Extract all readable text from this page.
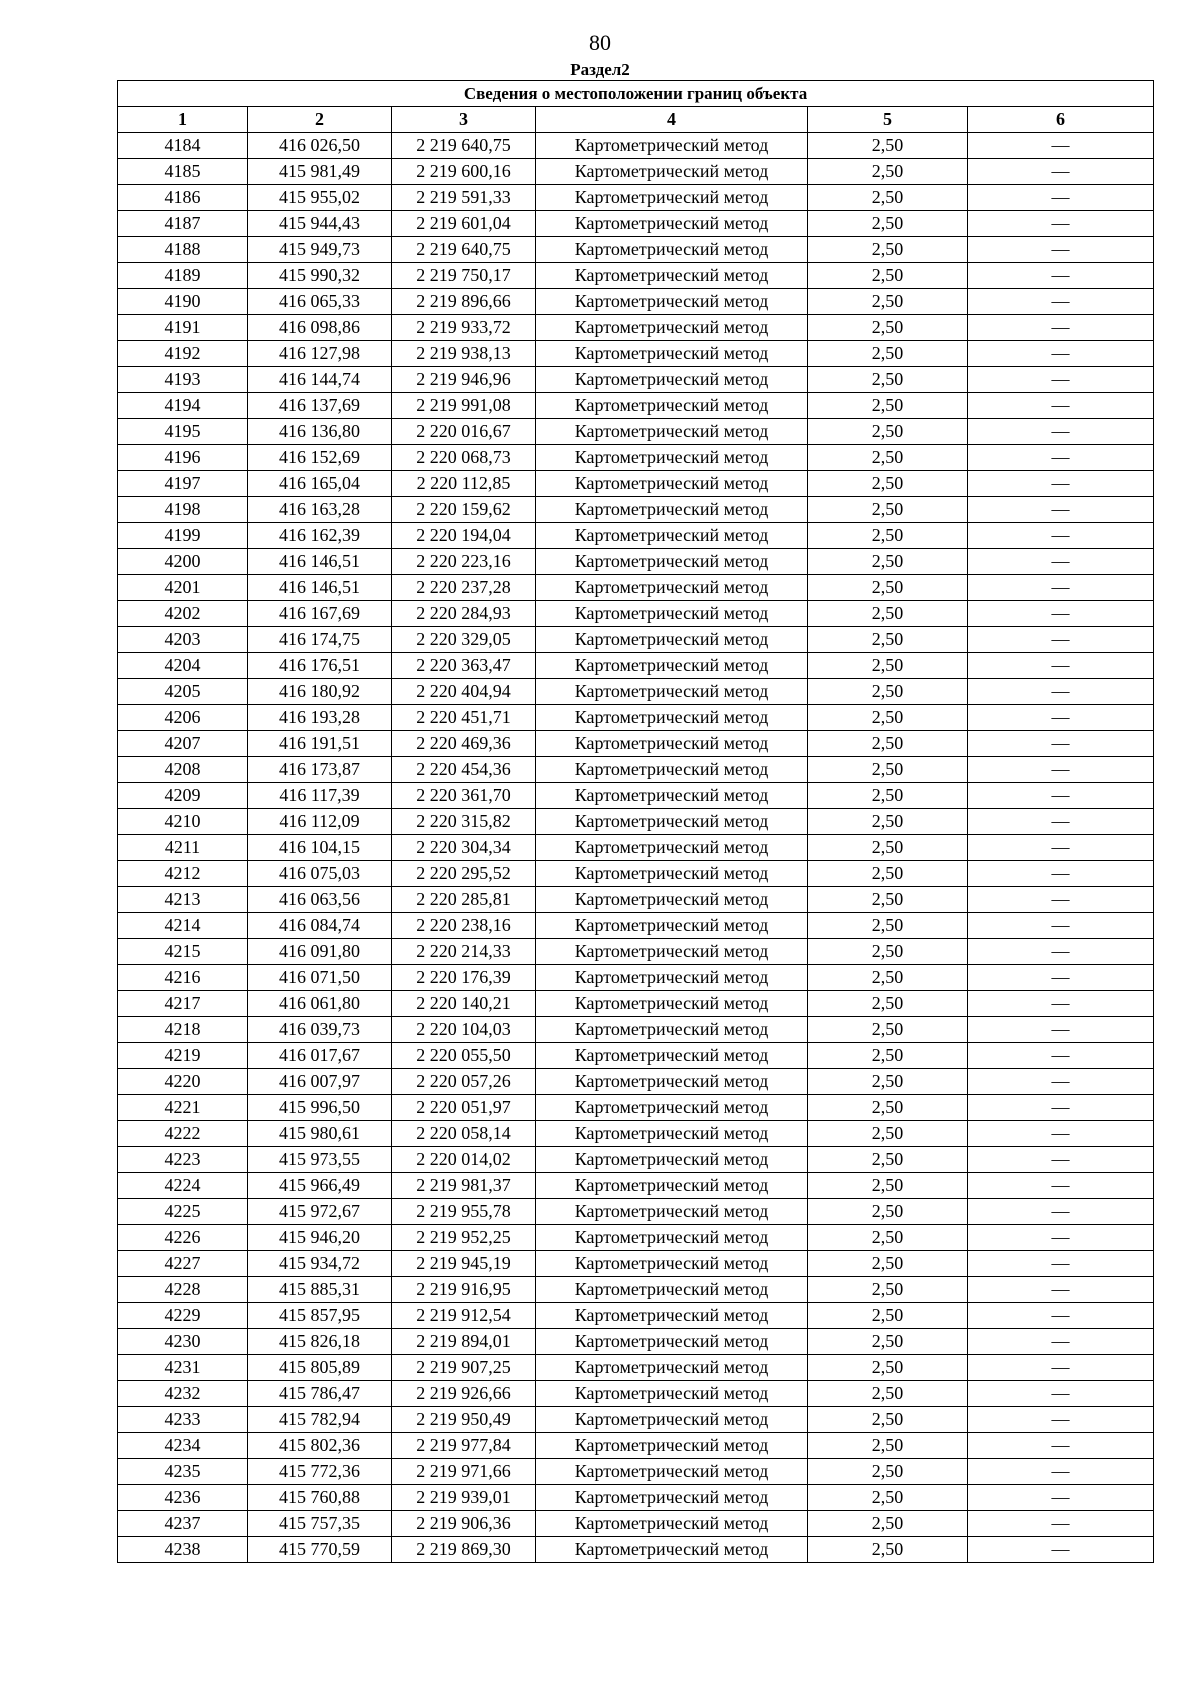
80
Раздел2
Сведения о местоположении границ объекта					
1	2	3	4	5	6
4184	416 026,50	2 219 640,75	Картометрический метод	2,50	—
4185	415 981,49	2 219 600,16	Картометрический метод	2,50	—
4186	415 955,02	2 219 591,33	Картометрический метод	2,50	—
4187	415 944,43	2 219 601,04	Картометрический метод	2,50	—
4188	415 949,73	2 219 640,75	Картометрический метод	2,50	—
4189	415 990,32	2 219 750,17	Картометрический метод	2,50	—
4190	416 065,33	2 219 896,66	Картометрический метод	2,50	—
4191	416 098,86	2 219 933,72	Картометрический метод	2,50	—
4192	416 127,98	2 219 938,13	Картометрический метод	2,50	—
4193	416 144,74	2 219 946,96	Картометрический метод	2,50	—
4194	416 137,69	2 219 991,08	Картометрический метод	2,50	—
4195	416 136,80	2 220 016,67	Картометрический метод	2,50	—
4196	416 152,69	2 220 068,73	Картометрический метод	2,50	—
4197	416 165,04	2 220 112,85	Картометрический метод	2,50	—
4198	416 163,28	2 220 159,62	Картометрический метод	2,50	—
4199	416 162,39	2 220 194,04	Картометрический метод	2,50	—
4200	416 146,51	2 220 223,16	Картометрический метод	2,50	—
4201	416 146,51	2 220 237,28	Картометрический метод	2,50	—
4202	416 167,69	2 220 284,93	Картометрический метод	2,50	—
4203	416 174,75	2 220 329,05	Картометрический метод	2,50	—
4204	416 176,51	2 220 363,47	Картометрический метод	2,50	—
4205	416 180,92	2 220 404,94	Картометрический метод	2,50	—
4206	416 193,28	2 220 451,71	Картометрический метод	2,50	—
4207	416 191,51	2 220 469,36	Картометрический метод	2,50	—
4208	416 173,87	2 220 454,36	Картометрический метод	2,50	—
4209	416 117,39	2 220 361,70	Картометрический метод	2,50	—
4210	416 112,09	2 220 315,82	Картометрический метод	2,50	—
4211	416 104,15	2 220 304,34	Картометрический метод	2,50	—
4212	416 075,03	2 220 295,52	Картометрический метод	2,50	—
4213	416 063,56	2 220 285,81	Картометрический метод	2,50	—
4214	416 084,74	2 220 238,16	Картометрический метод	2,50	—
4215	416 091,80	2 220 214,33	Картометрический метод	2,50	—
4216	416 071,50	2 220 176,39	Картометрический метод	2,50	—
4217	416 061,80	2 220 140,21	Картометрический метод	2,50	—
4218	416 039,73	2 220 104,03	Картометрический метод	2,50	—
4219	416 017,67	2 220 055,50	Картометрический метод	2,50	—
4220	416 007,97	2 220 057,26	Картометрический метод	2,50	—
4221	415 996,50	2 220 051,97	Картометрический метод	2,50	—
4222	415 980,61	2 220 058,14	Картометрический метод	2,50	—
4223	415 973,55	2 220 014,02	Картометрический метод	2,50	—
4224	415 966,49	2 219 981,37	Картометрический метод	2,50	—
4225	415 972,67	2 219 955,78	Картометрический метод	2,50	—
4226	415 946,20	2 219 952,25	Картометрический метод	2,50	—
4227	415 934,72	2 219 945,19	Картометрический метод	2,50	—
4228	415 885,31	2 219 916,95	Картометрический метод	2,50	—
4229	415 857,95	2 219 912,54	Картометрический метод	2,50	—
4230	415 826,18	2 219 894,01	Картометрический метод	2,50	—
4231	415 805,89	2 219 907,25	Картометрический метод	2,50	—
4232	415 786,47	2 219 926,66	Картометрический метод	2,50	—
4233	415 782,94	2 219 950,49	Картометрический метод	2,50	—
4234	415 802,36	2 219 977,84	Картометрический метод	2,50	—
4235	415 772,36	2 219 971,66	Картометрический метод	2,50	—
4236	415 760,88	2 219 939,01	Картометрический метод	2,50	—
4237	415 757,35	2 219 906,36	Картометрический метод	2,50	—
4238	415 770,59	2 219 869,30	Картометрический метод	2,50	—
